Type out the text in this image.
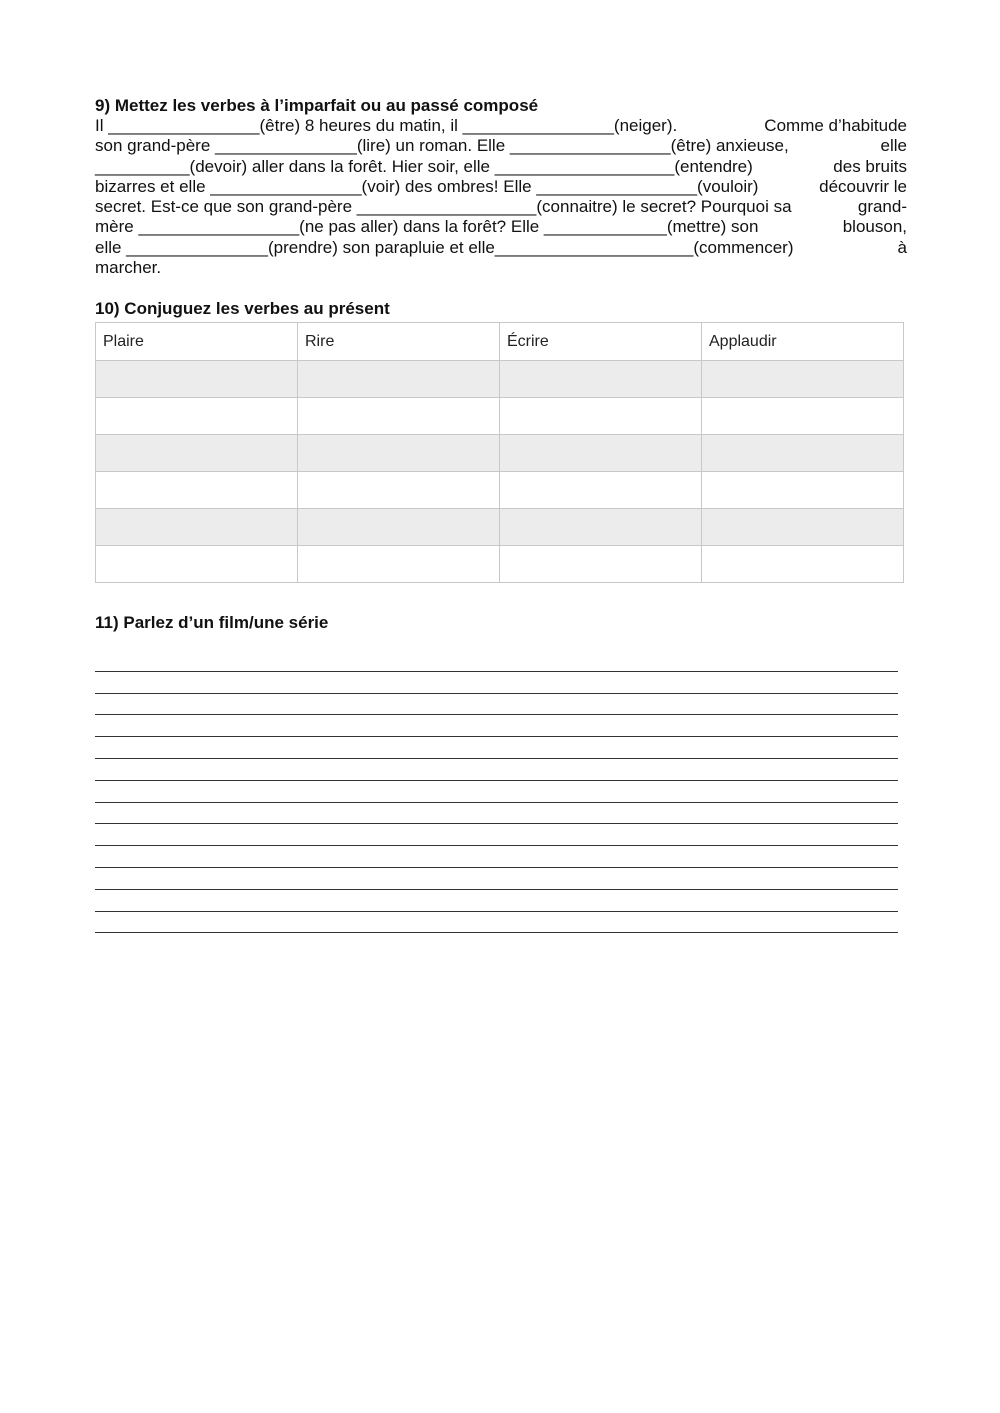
9) Mettez les verbes à l’imparfait ou au passé composé
Il ________________(être) 8 heures du matin, il ________________(neiger).	Comme d’habitude
son grand-père _______________(lire) un roman. Elle _________________(être) anxieuse,	elle
__________(devoir) aller dans la forêt. Hier soir, elle ___________________(entendre)	des bruits
bizarres et elle ________________(voir) des ombres! Elle _________________(vouloir)	découvrir le
secret. Est-ce que son grand-père ___________________(connaitre) le secret? Pourquoi sa	grand-
mère _________________(ne pas aller) dans la forêt? Elle _____________(mettre) son	blouson,
elle _______________(prendre) son parapluie et elle_____________________(commencer)	à
marcher.
10) Conjuguez les verbes au présent
Plaire	Rire	Écrire	Applaudir

11) Parlez d’un film/une série
